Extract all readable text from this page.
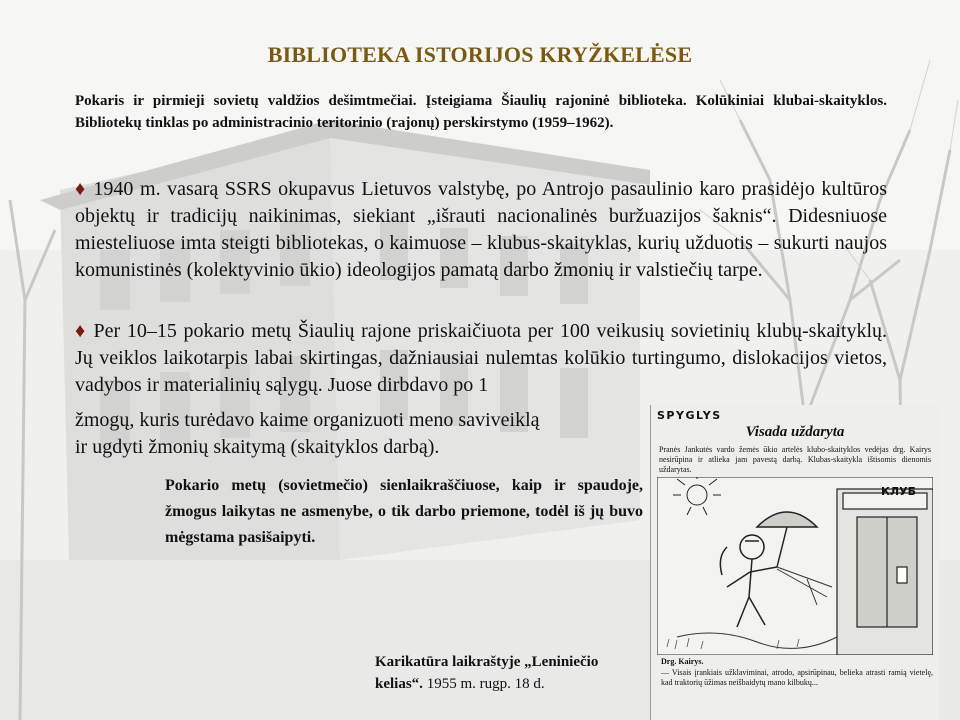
BIBLIOTEKA ISTORIJOS KRYŽKELĖSE
Pokaris ir pirmieji sovietų valdžios dešimtmečiai. Įsteigiama Šiaulių rajoninė biblioteka. Kolūkiniai klubai-skaityklos. Bibliotekų tinklas po administracinio teritorinio (rajonų) perskirstymo (1959–1962).
♦ 1940 m. vasarą SSRS okupavus Lietuvos valstybę, po Antrojo pasaulinio karo prasidėjo kultūros objektų ir tradicijų naikinimas, siekiant „išrauti nacionalinės buržuazijos šaknis“. Didesniuose miesteliuose imta steigti bibliotekas, o kaimuose – klubus-skaityklas, kurių užduotis – sukurti naujos komunistinės (kolektyvinio ūkio) ideologijos pamatą darbo žmonių ir valstiečių tarpe.
♦ Per 10–15 pokario metų Šiaulių rajone priskaičiuota per 100 veikusių sovietinių klubų-skaityklų. Jų veiklos laikotarpis labai skirtingas, dažniausiai nulemtas kolūkio turtingumo, dislokacijos vietos, vadybos ir materialinių sąlygų. Juose dirbdavo po 1
žmogų, kuris turėdavo kaime organizuoti meno saviveiklą
ir ugdyti žmonių skaitymą (skaityklos darbą).
Pokario metų (sovietmečio) sienlaikraščiuose, kaip ir spaudoje, žmogus laikytas ne asmenybe, o tik darbo priemone, todėl iš jų buvo mėgstama pasišaipyti.
Karikatūra laikraštyje „Leniniečio kelias“. 1955 m. rugp. 18 d.
SPYGLYS
Visada uždaryta
Pranės Jankutės vardo žemės ūkio artelės klubo-skaityklos vedėjas drg. Kairys nesirūpina ir atlieka jam pavestą darbą. Klubas-skaitykla ištisomis dienomis uždarytas.
КЛУБ
Drg. Kairys.
— Visais įrankiais užklaviminai, atrodo, apsirūpinau, belieka atrasti ramią vietelę, kad traktorių ūžimas neišbaidytų mano kilbukų...
